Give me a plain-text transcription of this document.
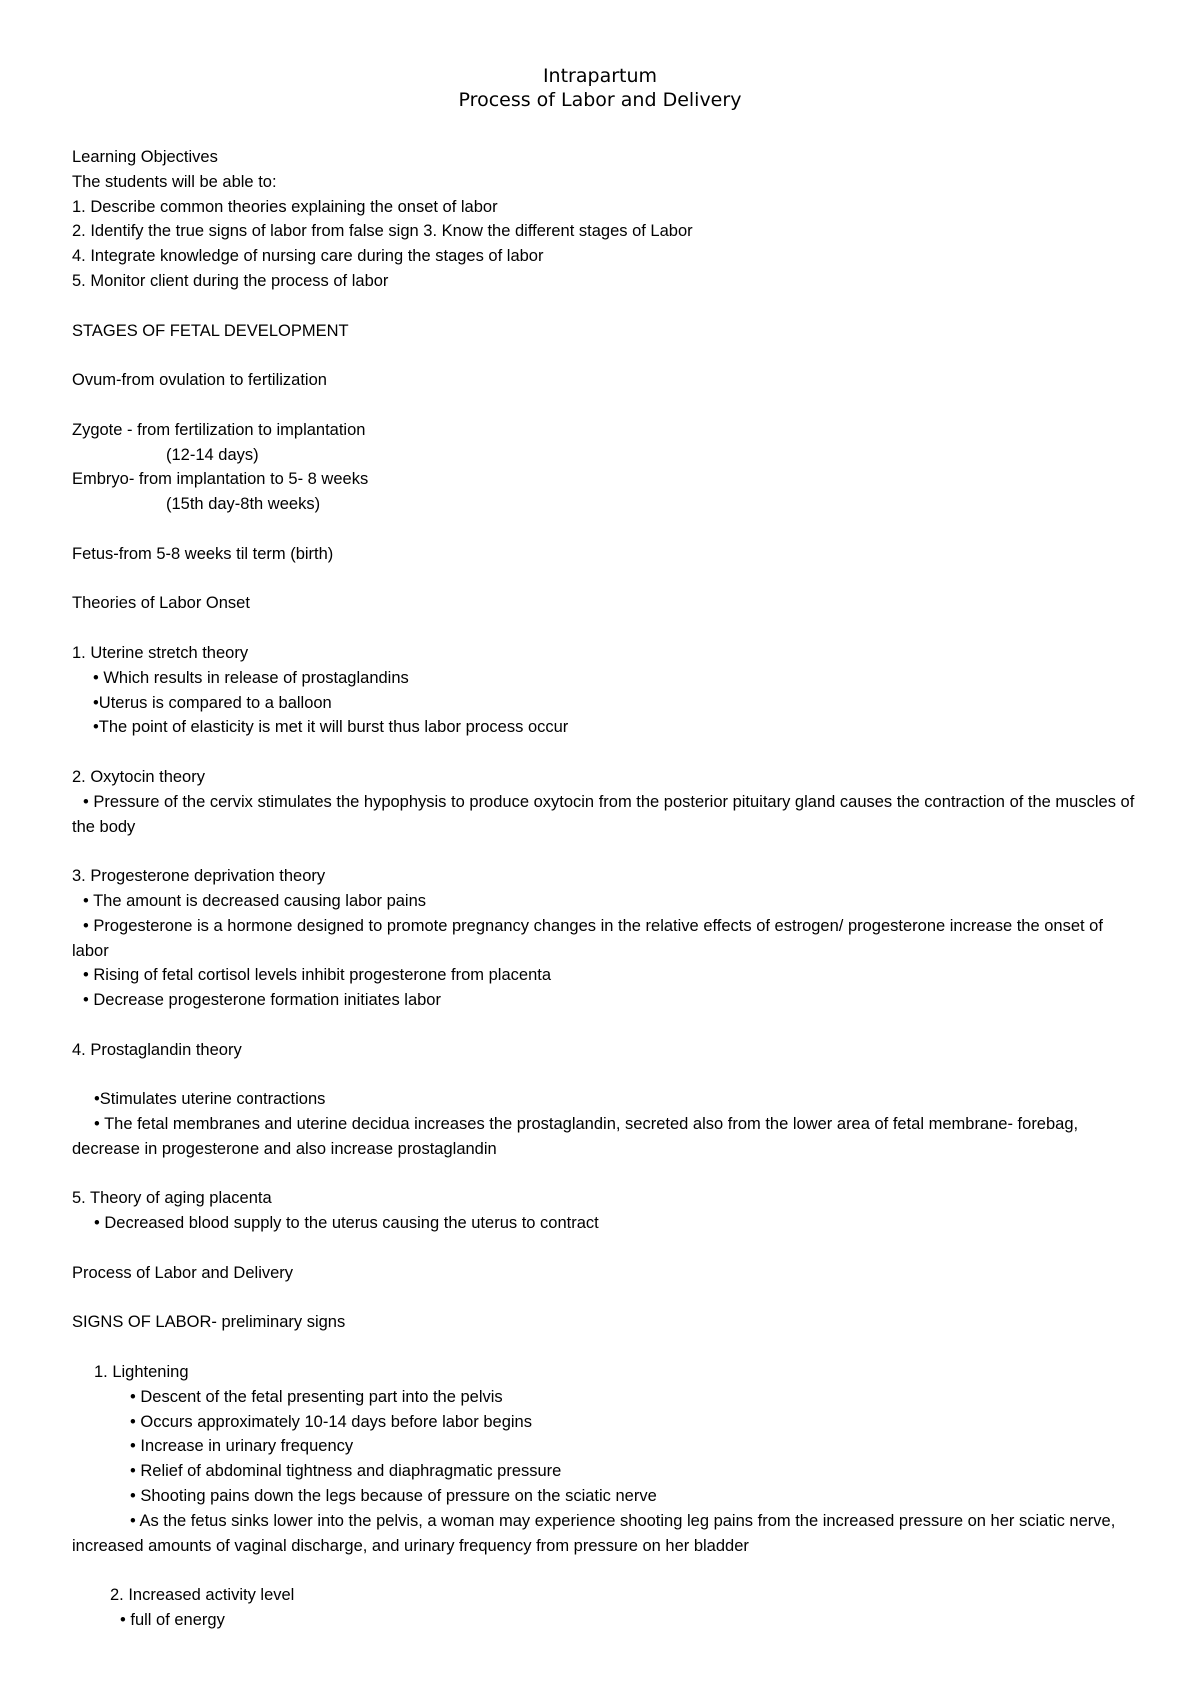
Intrapartum
Process of Labor and Delivery

Learning Objectives

The students will be able to:

1. Describe common theories explaining the onset of labor

2. Identify the true signs of labor from false sign 3. Know the different stages of Labor

4. Integrate knowledge of nursing care during the stages of labor

5. Monitor client during the process of labor

STAGES OF FETAL DEVELOPMENT

Ovum-from ovulation to fertilization

Zygote - from fertilization to implantation

(12-14 days)

Embryo- from implantation to 5- 8 weeks

(15th day-8th weeks)

Fetus-from 5-8 weeks til term (birth)

Theories of Labor Onset

1. Uterine stretch theory

• Which results in release of prostaglandins

•Uterus is compared to a balloon

•The point of elasticity is met it will burst thus labor process occur

2. Oxytocin theory

• Pressure of the cervix stimulates the hypophysis to produce oxytocin from the posterior pituitary gland causes the contraction of the muscles of the body

3. Progesterone deprivation theory

• The amount is decreased causing labor pains

• Progesterone is a hormone designed to promote pregnancy changes in the relative effects of estrogen/ progesterone increase the onset of labor

• Rising of fetal cortisol levels inhibit progesterone from placenta

• Decrease progesterone formation initiates labor

4. Prostaglandin theory

•Stimulates uterine contractions

• The fetal membranes and uterine decidua increases the prostaglandin, secreted also from the lower area of fetal membrane- forebag, decrease in progesterone and also increase prostaglandin

5. Theory of aging placenta

• Decreased blood supply to the uterus causing the uterus to contract

Process of Labor and Delivery

SIGNS OF LABOR- preliminary signs

1. Lightening

• Descent of the fetal presenting part into the pelvis

• Occurs approximately 10-14 days before labor begins

• Increase in urinary frequency

• Relief of abdominal tightness and diaphragmatic pressure

• Shooting pains down the legs because of pressure on the sciatic nerve

• As the fetus sinks lower into the pelvis, a woman may experience shooting leg pains from the increased pressure on her sciatic nerve, increased amounts of vaginal discharge, and urinary frequency from pressure on her bladder

2. Increased activity level

• full of energy
